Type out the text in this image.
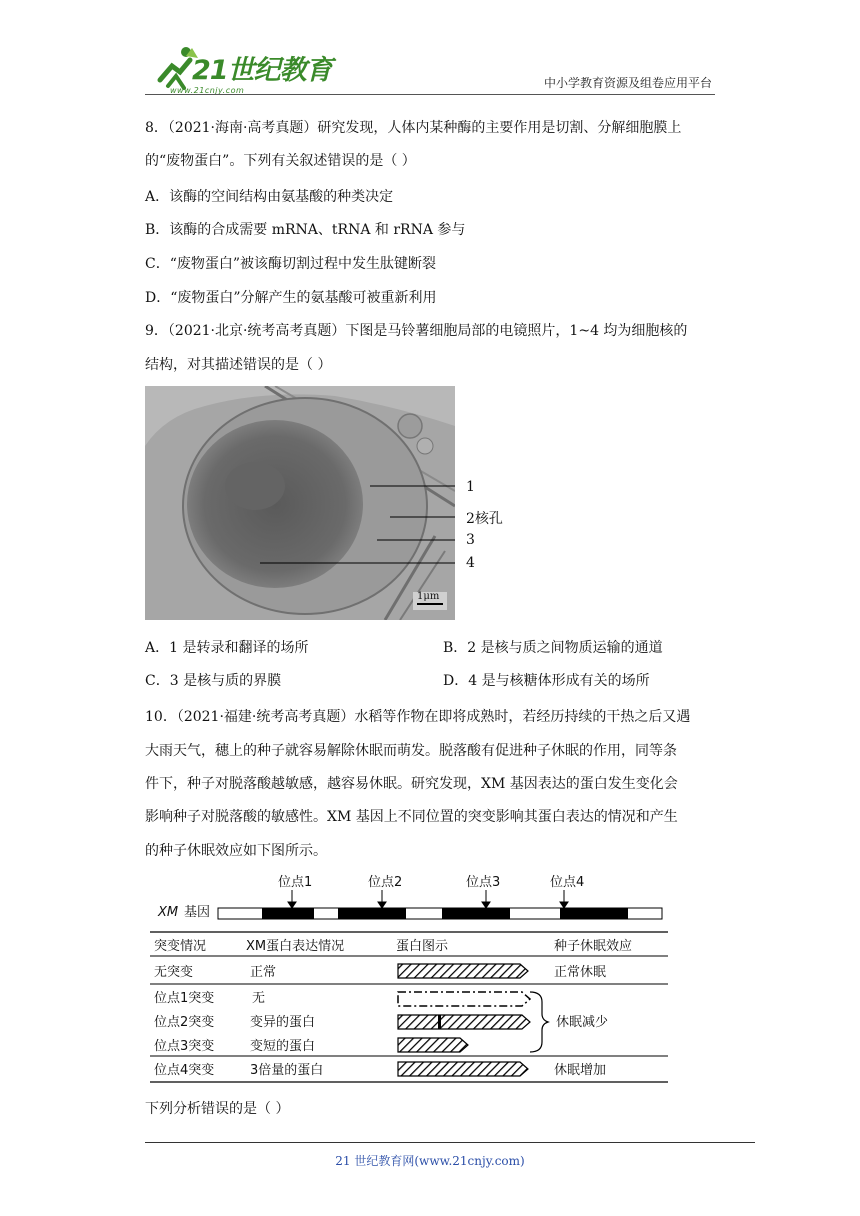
21世纪教育
www.21cnjy.com
中小学教育资源及组卷应用平台
8．（2021·海南·高考真题）研究发现，人体内某种酶的主要作用是切割、分解细胞膜上
的“废物蛋白”。下列有关叙述错误的是（ ）
A．该酶的空间结构由氨基酸的种类决定
B．该酶的合成需要 mRNA、tRNA 和 rRNA 参与
C．“废物蛋白”被该酶切割过程中发生肽键断裂
D．“废物蛋白”分解产生的氨基酸可被重新利用
9．（2021·北京·统考高考真题）下图是马铃薯细胞局部的电镜照片，1~4 均为细胞核的
结构，对其描述错误的是（ ）
1μm
1
2核孔
3
4
A．1 是转录和翻译的场所	B．2 是核与质之间物质运输的通道
C．3 是核与质的界膜	D．4 是与核糖体形成有关的场所
10．（2021·福建·统考高考真题）水稻等作物在即将成熟时，若经历持续的干热之后又遇
大雨天气，穗上的种子就容易解除休眠而萌发。脱落酸有促进种子休眠的作用，同等条
件下，种子对脱落酸越敏感，越容易休眠。研究发现，XM 基因表达的蛋白发生变化会
影响种子对脱落酸的敏感性。XM 基因上不同位置的突变影响其蛋白表达的情况和产生
的种子休眠效应如下图所示。
位点1	位点2	位点3	位点4
XM 基因
突变情况	XM蛋白表达情况	蛋白图示	种子休眠效应
无突变	正常	正常休眠
位点1突变	无
位点2突变	变异的蛋白
位点3突变	变短的蛋白
休眠减少
位点4突变	3倍量的蛋白	休眠增加
下列分析错误的是（ ）
21 世纪教育网(www.21cnjy.com)
